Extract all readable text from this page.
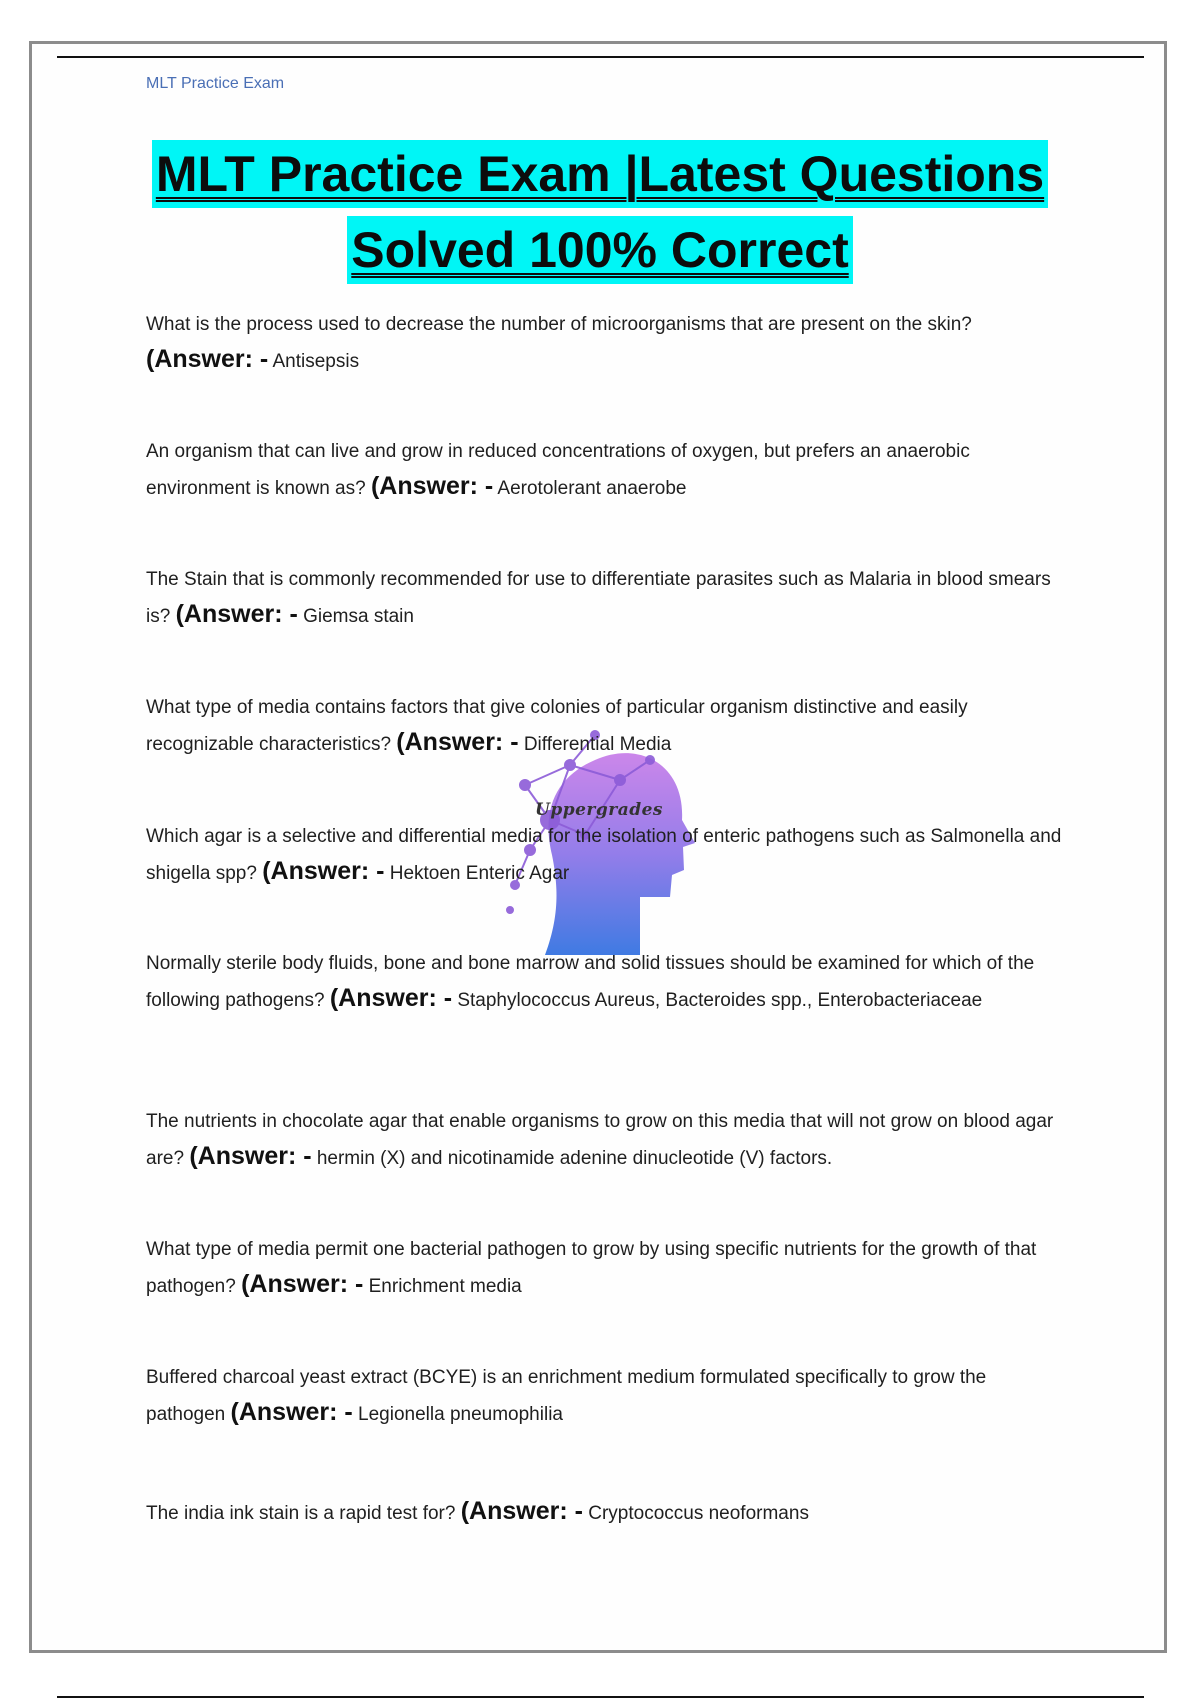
MLT Practice Exam
MLT Practice Exam |Latest Questions
Solved 100% Correct
Uppergrades
What is the process used to decrease the number of microorganisms that are present on the skin?
(Answer: - Antisepsis
An organism that can live and grow in reduced concentrations of oxygen, but prefers an anaerobic environment is known as? (Answer: - Aerotolerant anaerobe
The Stain that is commonly recommended for use to differentiate parasites such as Malaria in blood smears is? (Answer: - Giemsa stain
What type of media contains factors that give colonies of particular organism distinctive and easily recognizable characteristics? (Answer: - Differential Media
Which agar is a selective and differential media for the isolation of enteric pathogens such as Salmonella and shigella spp? (Answer: - Hektoen Enteric Agar
Normally sterile body fluids, bone and bone marrow and solid tissues should be examined for which of the following pathogens? (Answer: - Staphylococcus Aureus, Bacteroides spp., Enterobacteriaceae
The nutrients in chocolate agar that enable organisms to grow on this media that will not grow on blood agar are? (Answer: - hermin (X) and nicotinamide adenine dinucleotide (V) factors.
What type of media permit one bacterial pathogen to grow by using specific nutrients for the growth of that pathogen? (Answer: - Enrichment media
Buffered charcoal yeast extract (BCYE) is an enrichment medium formulated specifically to grow the pathogen (Answer: - Legionella pneumophilia
The india ink stain is a rapid test for? (Answer: - Cryptococcus neoformans
